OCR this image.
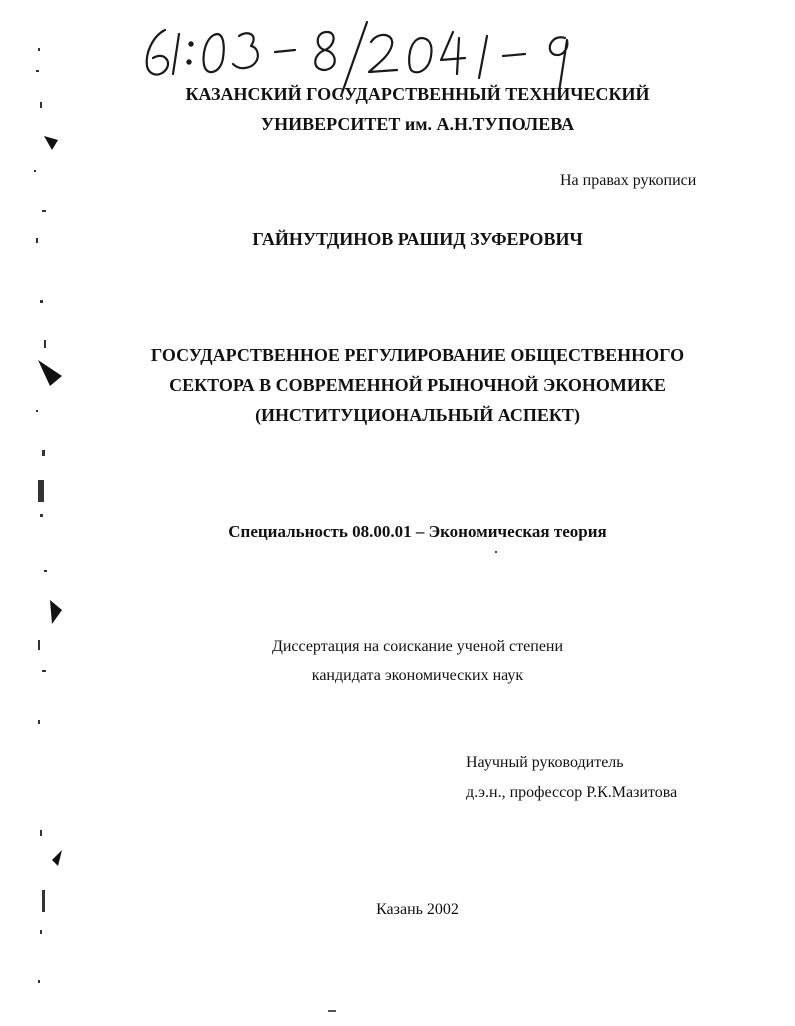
КАЗАНСКИЙ ГОСУДАРСТВЕННЫЙ ТЕХНИЧЕСКИЙ
УНИВЕРСИТЕТ им. А.Н.ТУПОЛЕВА
На правах рукописи
ГАЙНУТДИНОВ РАШИД ЗУФЕРОВИЧ
ГОСУДАРСТВЕННОЕ РЕГУЛИРОВАНИЕ ОБЩЕСТВЕННОГО
СЕКТОРА В СОВРЕМЕННОЙ РЫНОЧНОЙ ЭКОНОМИКЕ
(ИНСТИТУЦИОНАЛЬНЫЙ АСПЕКТ)
Специальность 08.00.01 – Экономическая теория
Диссертация на соискание ученой степени
кандидата экономических наук
Научный руководитель
д.э.н., профессор Р.К.Мазитова
Казань 2002
